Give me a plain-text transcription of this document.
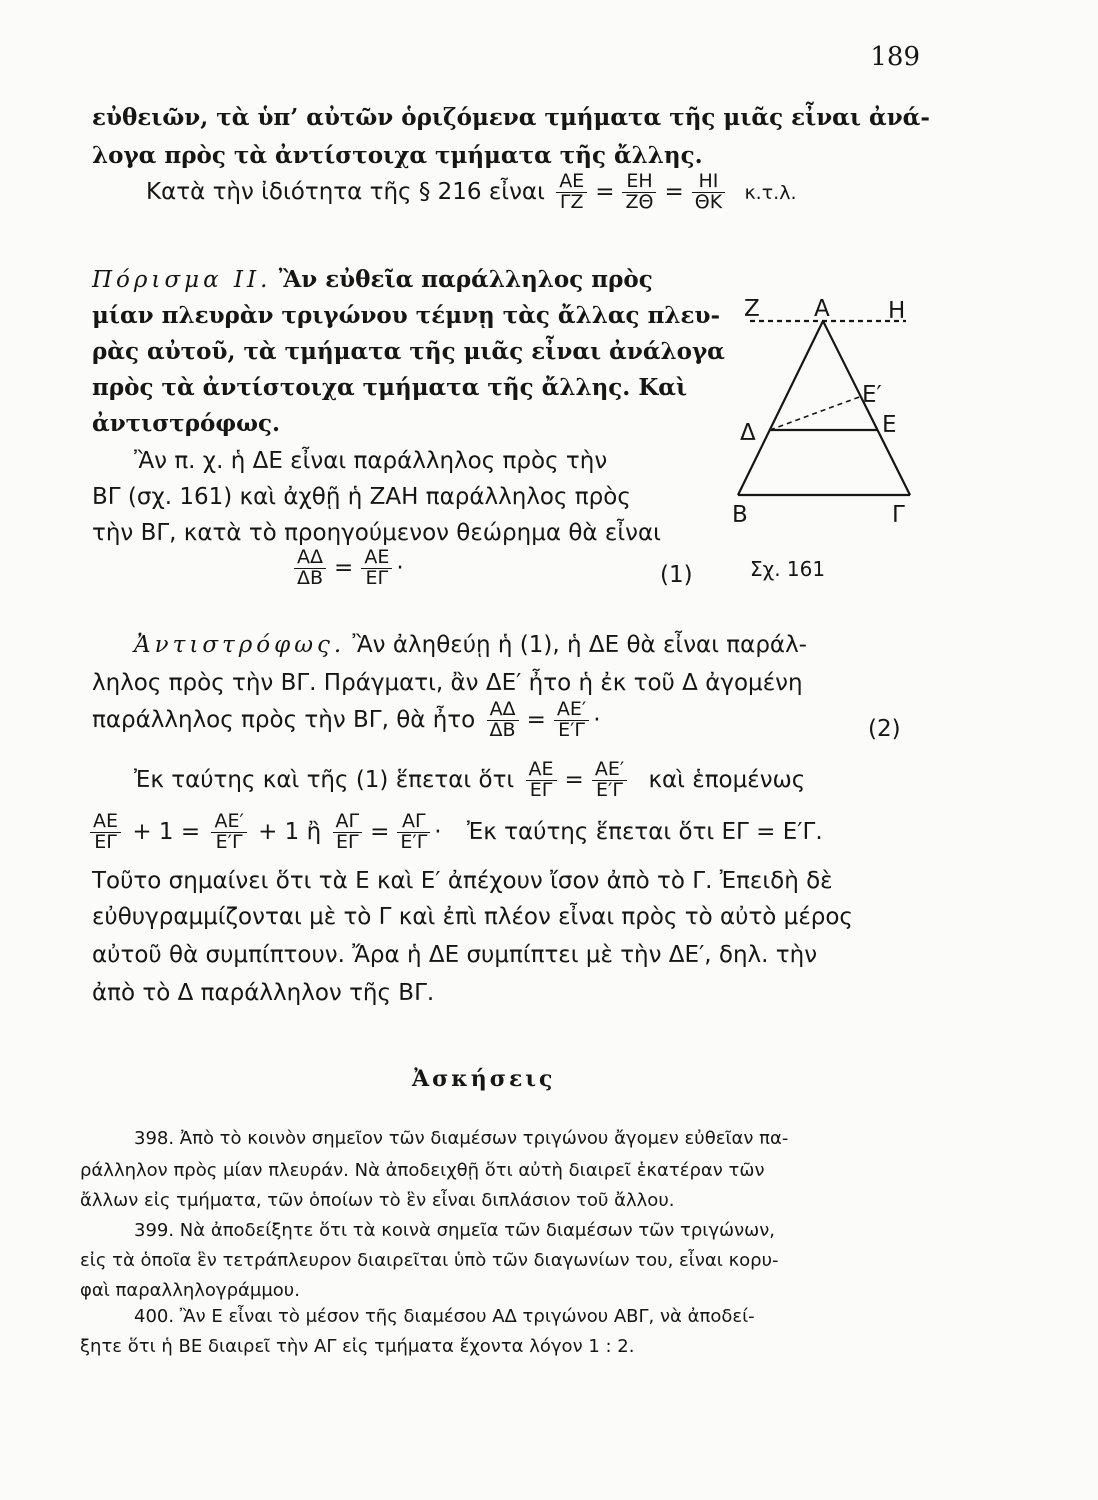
189
εὐθειῶν, τὰ ὑπ’ αὐτῶν ὁριζόμενα τμήματα τῆς μιᾶς εἶναι ἀνά-
λογα πρὸς τὰ ἀντίστοιχα τμήματα τῆς ἄλλης.
Κατὰ τὴν ἰδιότητα τῆς § 216 εἶναι $\frac{AE}{\Gamma Z} = \frac{EH}{Z\Theta} = \frac{HI}{\Theta K} \kappa.\tau.\lambda$.
Πόρισμα ΙΙ. Ἂν εὐθεῖα παράλληλος πρὸς
μίαν πλευρὰν τριγώνου τέμνῃ τὰς ἄλλας πλευ-
ρὰς αὐτοῦ, τὰ τμήματα τῆς μιᾶς εἶναι ἀνάλογα
πρὸς τὰ ἀντίστοιχα τμήματα τῆς ἄλλης. Καὶ
ἀντιστρόφως.
Ἂν π. χ. ἡ ΔΕ εἶναι παράλληλος πρὸς τὴν
ΒΓ (σχ. 161) καὶ ἀχθῇ ἡ ΖΑΗ παράλληλος πρὸς
τὴν ΒΓ, κατὰ τὸ προηγούμενον θεώρημα θὰ εἶναι
$\frac{A\Delta}{\Delta B} = \frac{AE}{E\Gamma}$ ·	(1)
Ζ Α	Η
Ε′
Δ	Ε
Β	Γ
Σχ. 161
Ἀντιστρόφως. Ἂν ἀληθεύῃ ἡ (1), ἡ ΔΕ θὰ εἶναι παράλ-
ληλος πρὸς τὴν ΒΓ. Πράγματι, ἂν ΔΕ′ ἦτο ἡ ἐκ τοῦ Δ ἀγομένη
παράλληλος πρὸς τὴν ΒΓ, θὰ ἦτο $\frac{A\Delta}{\Delta B} = \frac{AE'}{E'\Gamma}$ ·	(2)
Ἐκ ταύτης καὶ τῆς (1) ἕπεται ὅτι $\frac{AE}{E\Gamma} = \frac{AE'}{E'\Gamma}$ καὶ ἑπομένως
$\frac{AE}{E\Gamma} + 1 = \frac{AE'}{E'\Gamma} + 1$ ἢ $\frac{A\Gamma}{E\Gamma} = \frac{A\Gamma}{E'\Gamma}$ · Ἐκ ταύτης ἕπεται ὅτι ΕΓ = Ε′Γ.
Τοῦτο σημαίνει ὅτι τὰ Ε καὶ Ε′ ἀπέχουν ἴσον ἀπὸ τὸ Γ. Ἐπειδὴ δὲ
εὐθυγραμμίζονται μὲ τὸ Γ καὶ ἐπὶ πλέον εἶναι πρὸς τὸ αὐτὸ μέρος
αὐτοῦ θὰ συμπίπτουν. Ἄρα ἡ ΔΕ συμπίπτει μὲ τὴν ΔΕ′, δηλ. τὴν
ἀπὸ τὸ Δ παράλληλον τῆς ΒΓ.
Ἀσκήσεις
398. Ἀπὸ τὸ κοινὸν σημεῖον τῶν διαμέσων τριγώνου ἄγομεν εὐθεῖαν πα-
ράλληλον πρὸς μίαν πλευράν. Νὰ ἀποδειχθῇ ὅτι αὐτὴ διαιρεῖ ἑκατέραν τῶν
ἄλλων εἰς τμήματα, τῶν ὁποίων τὸ ἓν εἶναι διπλάσιον τοῦ ἄλλου.
399. Νὰ ἀποδείξητε ὅτι τὰ κοινὰ σημεῖα τῶν διαμέσων τῶν τριγώνων,
εἰς τὰ ὁποῖα ἓν τετράπλευρον διαιρεῖται ὑπὸ τῶν διαγωνίων του, εἶναι κορυ-
φαὶ παραλληλογράμμου.
400. Ἂν Ε εἶναι τὸ μέσον τῆς διαμέσου ΑΔ τριγώνου ΑΒΓ, νὰ ἀποδεί-
ξητε ὅτι ἡ ΒΕ διαιρεῖ τὴν ΑΓ εἰς τμήματα ἔχοντα λόγον 1 : 2.
